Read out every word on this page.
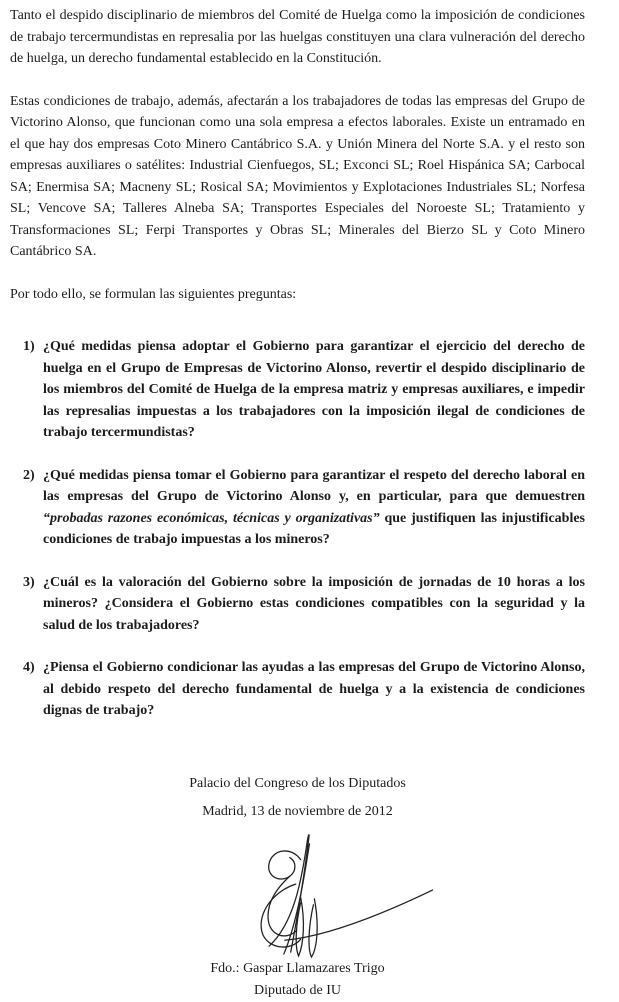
Tanto el despido disciplinario de miembros del Comité de Huelga como la imposición de condiciones de trabajo tercermundistas en represalia por las huelgas constituyen una clara vulneración del derecho de huelga, un derecho fundamental establecido en la Constitución.

Estas condiciones de trabajo, además, afectarán a los trabajadores de todas las empresas del Grupo de Victorino Alonso, que funcionan como una sola empresa a efectos laborales. Existe un entramado en el que hay dos empresas Coto Minero Cantábrico S.A. y Unión Minera del Norte S.A. y el resto son empresas auxiliares o satélites: Industrial Cienfuegos, SL; Exconci SL; Roel Hispánica SA; Carbocal SA; Enermisa SA; Macneny SL; Rosical SA; Movimientos y Explotaciones Industriales SL; Norfesa SL; Vencove SA; Talleres Alneba SA; Transportes Especiales del Noroeste SL; Tratamiento y Transformaciones SL; Ferpi Transportes y Obras SL; Minerales del Bierzo SL y Coto Minero Cantábrico SA.

Por todo ello, se formulan las siguientes preguntas:

1) ¿Qué medidas piensa adoptar el Gobierno para garantizar el ejercicio del derecho de huelga en el Grupo de Empresas de Victorino Alonso, revertir el despido disciplinario de los miembros del Comité de Huelga de la empresa matriz y empresas auxiliares, e impedir las represalias impuestas a los trabajadores con la imposición ilegal de condiciones de trabajo tercermundistas?
2) ¿Qué medidas piensa tomar el Gobierno para garantizar el respeto del derecho laboral en las empresas del Grupo de Victorino Alonso y, en particular, para que demuestren “probadas razones económicas, técnicas y organizativas” que justifiquen las injustificables condiciones de trabajo impuestas a los mineros?
3) ¿Cuál es la valoración del Gobierno sobre la imposición de jornadas de 10 horas a los mineros? ¿Considera el Gobierno estas condiciones compatibles con la seguridad y la salud de los trabajadores?
4) ¿Piensa el Gobierno condicionar las ayudas a las empresas del Grupo de Victorino Alonso, al debido respeto del derecho fundamental de huelga y a la existencia de condiciones dignas de trabajo?
Palacio del Congreso de los Diputados
Madrid, 13 de noviembre de 2012
Fdo.: Gaspar Llamazares Trigo
Diputado de IU
